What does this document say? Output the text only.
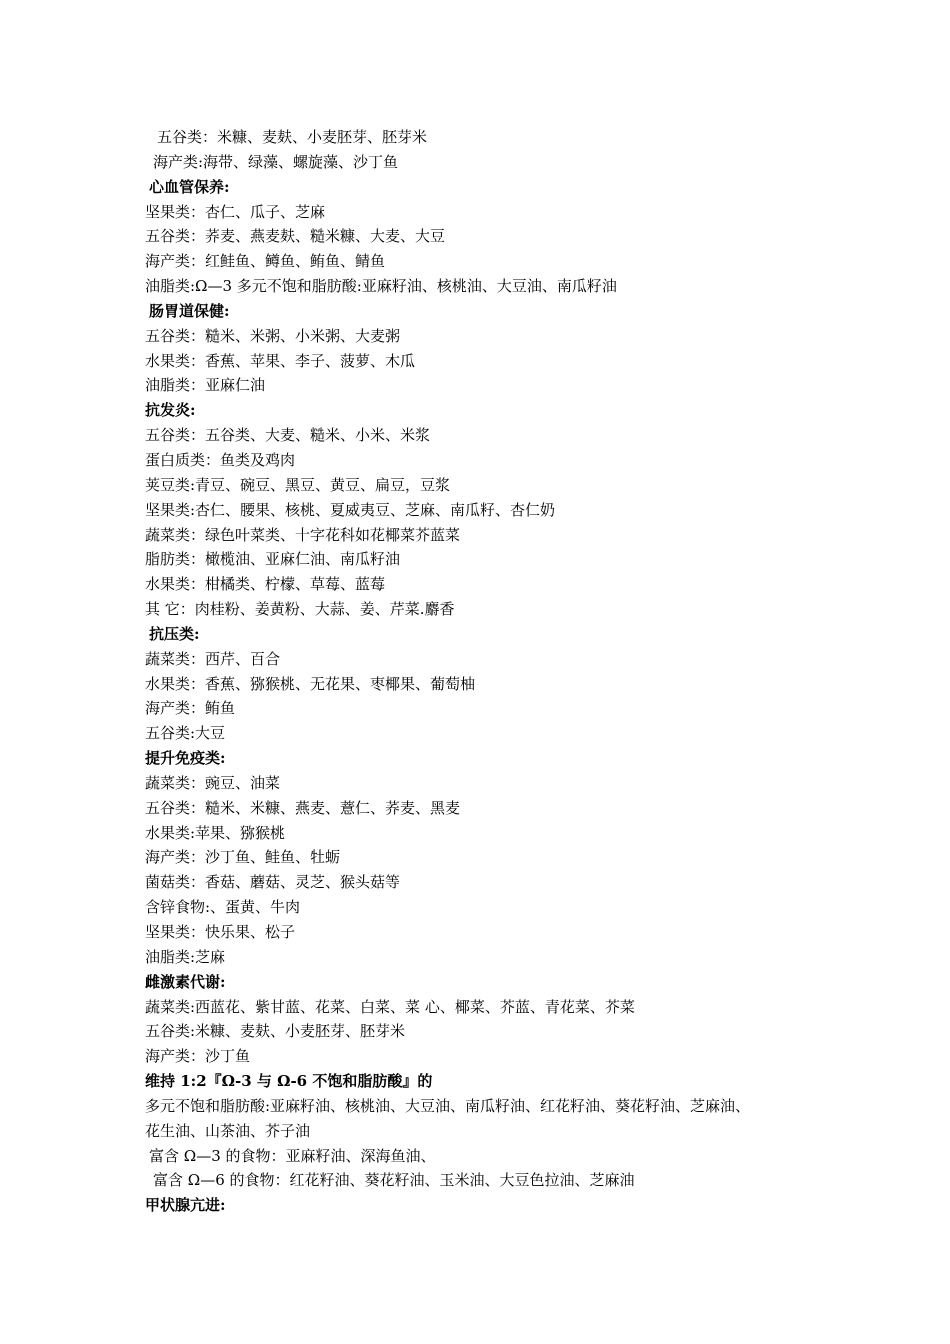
五谷类：米糠、麦麸、小麦胚芽、胚芽米
海产类:海带、绿藻、螺旋藻、沙丁鱼
心血管保养:
坚果类：杏仁、瓜子、芝麻
五谷类：荞麦、燕麦麸、糙米糠、大麦、大豆
海产类：红鲑鱼、鳟鱼、鲔鱼、鲭鱼
油脂类:Ω—3 多元不饱和脂肪酸:亚麻籽油、核桃油、大豆油、南瓜籽油
肠胃道保健:
五谷类：糙米、米粥、小米粥、大麦粥
水果类：香蕉、苹果、李子、菠萝、木瓜
油脂类：亚麻仁油
抗发炎:
五谷类：五谷类、大麦、糙米、小米、米浆
蛋白质类：鱼类及鸡肉
荚豆类:青豆、碗豆、黑豆、黄豆、扁豆，豆浆
坚果类:杏仁、腰果、核桃、夏威夷豆、芝麻、南瓜籽、杏仁奶
蔬菜类：绿色叶菜类、十字花科如花椰菜芥蓝菜
脂肪类：橄榄油、亚麻仁油、南瓜籽油
水果类：柑橘类、柠檬、草莓、蓝莓
其 它：肉桂粉、姜黄粉、大蒜、姜、芹菜.麝香
抗压类:
蔬菜类：西芹、百合
水果类：香蕉、猕猴桃、无花果、枣椰果、葡萄柚
海产类：鲔鱼
五谷类:大豆
提升免疫类:
蔬菜类：豌豆、油菜
五谷类：糙米、米糠、燕麦、薏仁、荞麦、黑麦
水果类:苹果、猕猴桃
海产类：沙丁鱼、鲑鱼、牡蛎
菌菇类：香菇、蘑菇、灵芝、猴头菇等
含锌食物:、蛋黄、牛肉
坚果类：快乐果、松子
油脂类:芝麻
雌激素代谢:
蔬菜类:西蓝花、紫甘蓝、花菜、白菜、菜 心、椰菜、芥蓝、青花菜、芥菜
五谷类:米糠、麦麸、小麦胚芽、胚芽米
海产类：沙丁鱼
维持 1:2『Ω-3 与 Ω-6 不饱和脂肪酸』的
多元不饱和脂肪酸:亚麻籽油、核桃油、大豆油、南瓜籽油、红花籽油、葵花籽油、芝麻油、
花生油、山茶油、芥子油
富含 Ω—3 的食物：亚麻籽油、深海鱼油、
富含 Ω—6 的食物：红花籽油、葵花籽油、玉米油、大豆色拉油、芝麻油
甲状腺亢进:
